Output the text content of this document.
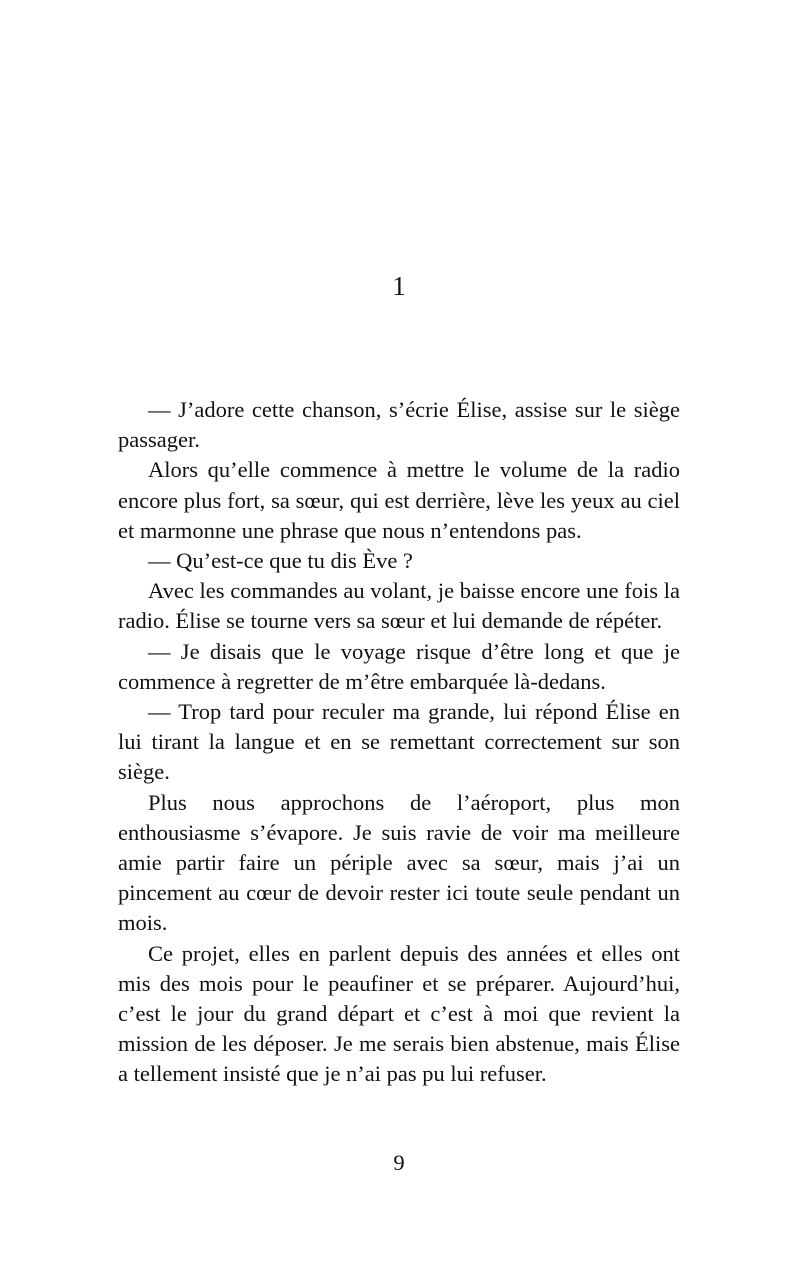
1

— J’adore cette chanson, s’écrie Élise, assise sur le siège passager.

Alors qu’elle commence à mettre le volume de la radio encore plus fort, sa sœur, qui est derrière, lève les yeux au ciel et marmonne une phrase que nous n’entendons pas.

— Qu’est-ce que tu dis Ève ?

Avec les commandes au volant, je baisse encore une fois la radio. Élise se tourne vers sa sœur et lui demande de répéter.

— Je disais que le voyage risque d’être long et que je commence à regretter de m’être embarquée là-dedans.

— Trop tard pour reculer ma grande, lui répond Élise en lui tirant la langue et en se remettant correctement sur son siège.

Plus nous approchons de l’aéroport, plus mon enthousiasme s’évapore. Je suis ravie de voir ma meilleure amie partir faire un périple avec sa sœur, mais j’ai un pincement au cœur de devoir rester ici toute seule pendant un mois.

Ce projet, elles en parlent depuis des années et elles ont mis des mois pour le peaufiner et se préparer. Aujourd’hui, c’est le jour du grand départ et c’est à moi que revient la mission de les déposer. Je me serais bien abstenue, mais Élise a tellement insisté que je n’ai pas pu lui refuser.

9
